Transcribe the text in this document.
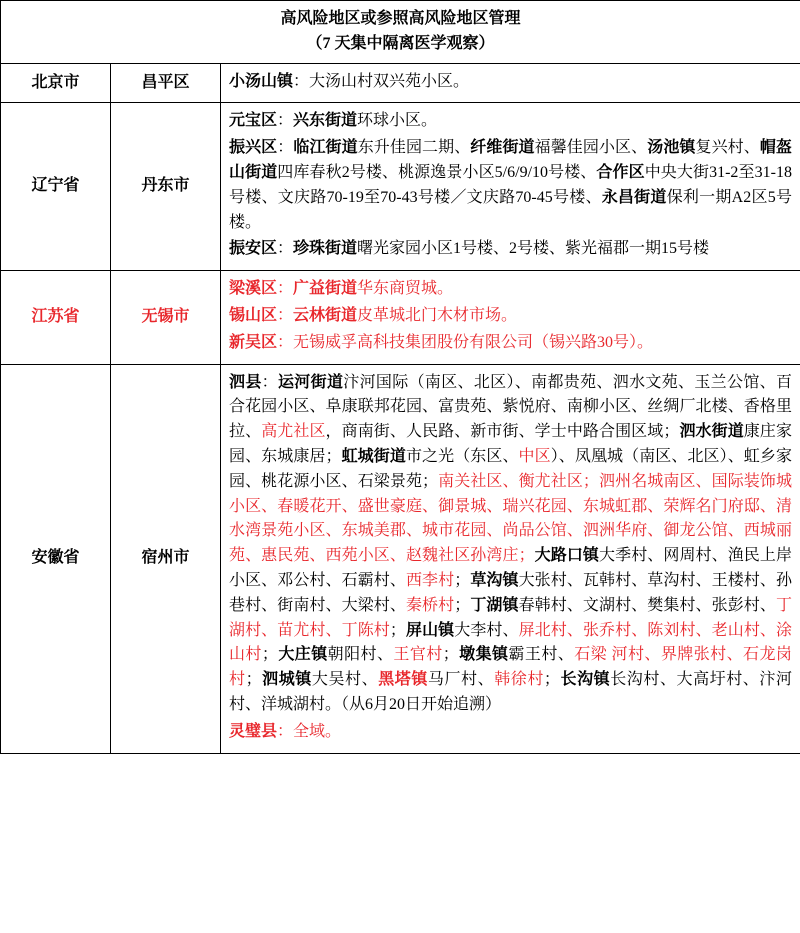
高风险地区或参照高风险地区管理
（7 天集中隔离医学观察）		

北京市	昌平区	小汤山镇：大汤山村双兴苑小区。

辽宁省	丹东市	元宝区：兴东街道环球小区。
振兴区：临江街道东升佳园二期、纤维街道福馨佳园小区、汤池镇复兴村、帽盔山街道四库春秋2号楼、桃源逸景小区5/6/9/10号楼、合作区中央大街31-2至31-18号楼、文庆路70-19至70-43号楼／文庆路70-45号楼、永昌街道保利一期A2区5号楼。
振安区：珍珠街道曙光家园小区1号楼、2号楼、紫光福郡一期15号楼

江苏省	无锡市	梁溪区：广益街道华东商贸城。
锡山区：云林街道皮革城北门木材市场。
新吴区：无锡威孚高科技集团股份有限公司（锡兴路30号）。

安徽省	宿州市	泗县：运河街道汴河国际（南区、北区）、南都贵苑、泗水文苑、玉兰公馆、百合花园小区、阜康联邦花园、富贵苑、紫悦府、南柳小区、丝绸厂北楼、香格里拉、高尤社区，商南街、人民路、新市街、学士中路合围区域；泗水街道康庄家园、东城康居；虹城街道市之光（东区、中区）、凤凰城（南区、北区）、虹乡家园、桃花源小区、石梁景苑；南关社区、衡尤社区；泗州名城南区、国际装饰城小区、春暖花开、盛世豪庭、御景城、瑞兴花园、东城虹郡、荣辉名门府邸、清水湾景苑小区、东城美郡、城市花园、尚品公馆、泗洲华府、御龙公馆、西城丽苑、惠民苑、西苑小区、赵魏社区孙湾庄；大路口镇大季村、网周村、渔民上岸小区、邓公村、石霸村、西李村；草沟镇大张村、瓦韩村、草沟村、王楼村、孙巷村、街南村、大梁村、秦桥村；丁湖镇春韩村、文湖村、樊集村、张彭村、丁湖村、苗尤村、丁陈村；屏山镇大李村、屏北村、张乔村、陈刘村、老山村、涂山村；大庄镇朝阳村、王官村；墩集镇霸王村、石梁 河村、界牌张村、石龙岗村；泗城镇大吴村、黑塔镇马厂村、韩徐村；长沟镇长沟村、大高圩村、汴河村、洋城湖村。（从6月20日开始追溯）
灵璧县：全域。
